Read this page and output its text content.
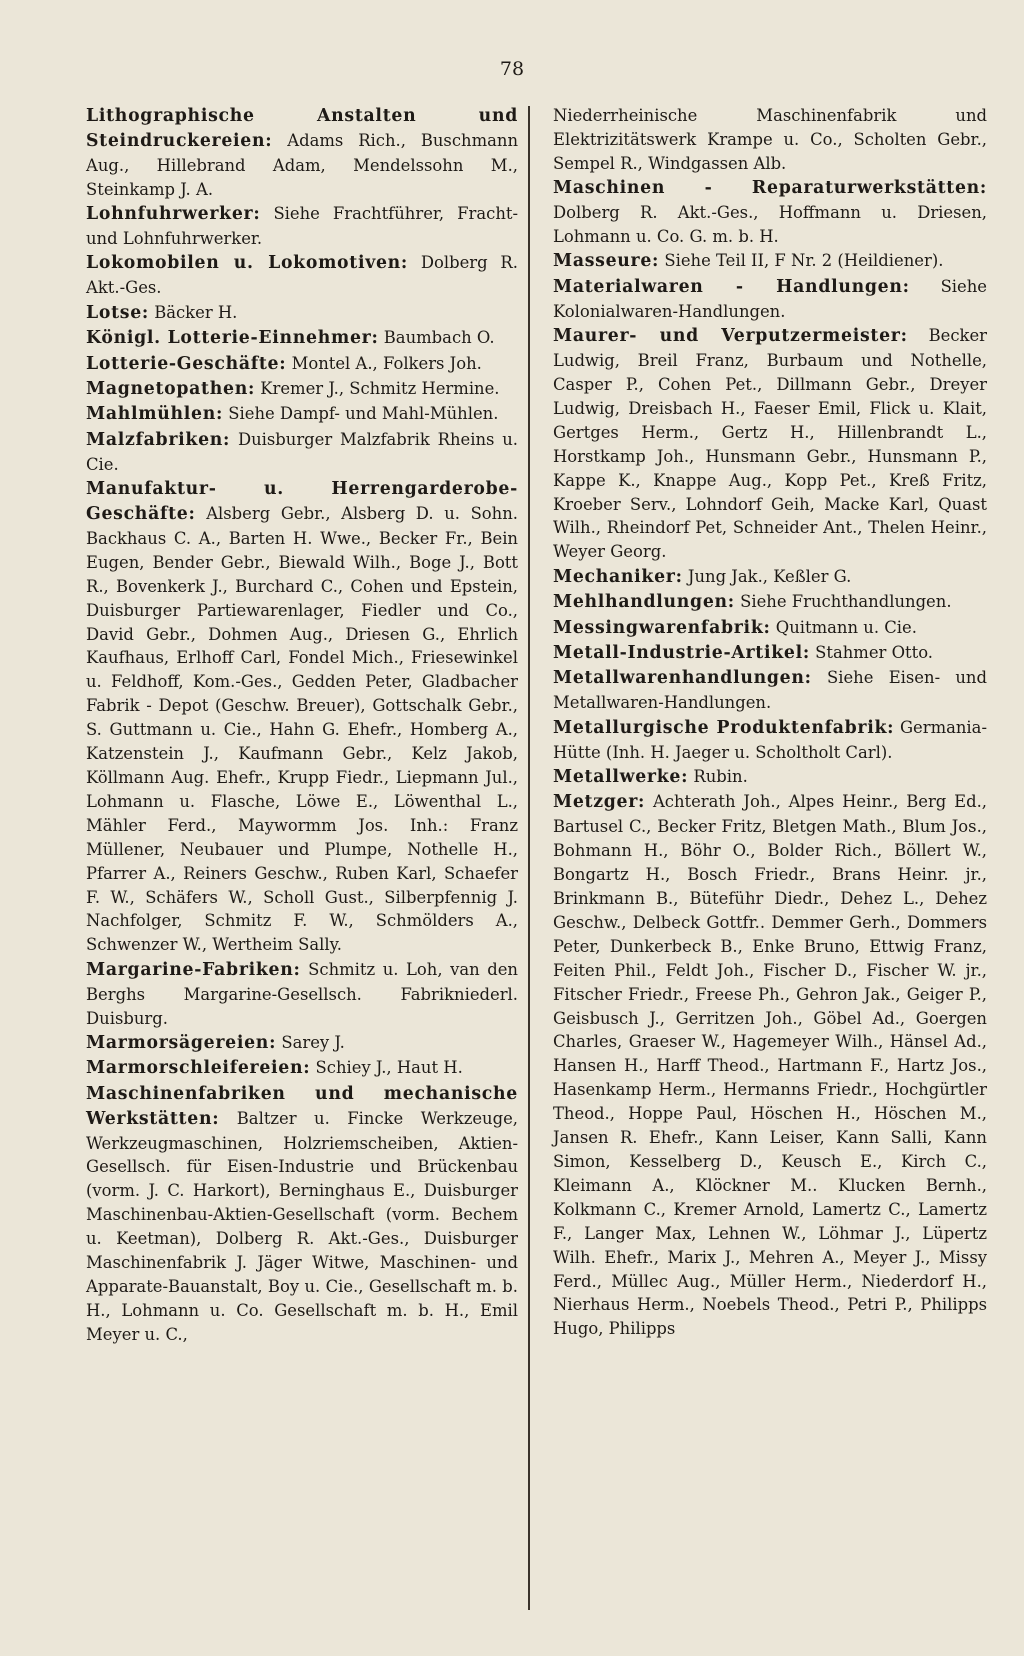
78

Lithographische Anstalten und Steindruckereien: Adams Rich., Buschmann Aug., Hillebrand Adam, Mendelssohn M., Steinkamp J. A.

Lohnfuhrwerker: Siehe Frachtführer, Fracht- und Lohnfuhrwerker.

Lokomobilen u. Lokomotiven: Dolberg R. Akt.-Ges.

Lotse: Bäcker H.

Königl. Lotterie-Einnehmer: Baumbach O.

Lotterie-Geschäfte: Montel A., Folkers Joh.

Magnetopathen: Kremer J., Schmitz Hermine.

Mahlmühlen: Siehe Dampf- und Mahl-Mühlen.

Malzfabriken: Duisburger Malzfabrik Rheins u. Cie.

Manufaktur- u. Herrengarderobe-Geschäfte: Alsberg Gebr., Alsberg D. u. Sohn. Backhaus C. A., Barten H. Wwe., Becker Fr., Bein Eugen, Bender Gebr., Biewald Wilh., Boge J., Bott R., Bovenkerk J., Burchard C., Cohen und Epstein, Duisburger Partiewarenlager, Fiedler und Co., David Gebr., Dohmen Aug., Driesen G., Ehrlich Kaufhaus, Erlhoff Carl, Fondel Mich., Friesewinkel u. Feldhoff, Kom.-Ges., Gedden Peter, Gladbacher Fabrik - Depot (Geschw. Breuer), Gottschalk Gebr., S. Guttmann u. Cie., Hahn G. Ehefr., Homberg A., Katzenstein J., Kaufmann Gebr., Kelz Jakob, Köllmann Aug. Ehefr., Krupp Fiedr., Liepmann Jul., Lohmann u. Flasche, Löwe E., Löwenthal L., Mähler Ferd., Maywormm Jos. Inh.: Franz Müllener, Neubauer und Plumpe, Nothelle H., Pfarrer A., Reiners Geschw., Ruben Karl, Schaefer F. W., Schäfers W., Scholl Gust., Silberpfennig J. Nachfolger, Schmitz F. W., Schmölders A., Schwenzer W., Wertheim Sally.

Margarine-Fabriken: Schmitz u. Loh, van den Berghs Margarine-Gesellsch. Fabrikniederl. Duisburg.

Marmorsägereien: Sarey J.

Marmorschleifereien: Schiey J., Haut H.

Maschinenfabriken und mechanische Werkstätten: Baltzer u. Fincke Werkzeuge, Werkzeugmaschinen, Holzriemscheiben, Aktien-Gesellsch. für Eisen-Industrie und Brückenbau (vorm. J. C. Harkort), Berninghaus E., Duisburger Maschinenbau-Aktien-Gesellschaft (vorm. Bechem u. Keetman), Dolberg R. Akt.-Ges., Duisburger Maschinenfabrik J. Jäger Witwe, Maschinen- und Apparate-Bauanstalt, Boy u. Cie., Gesellschaft m. b. H., Lohmann u. Co. Gesellschaft m. b. H., Emil Meyer u. C.,

Niederrheinische Maschinenfabrik und Elektrizitätswerk Krampe u. Co., Scholten Gebr., Sempel R., Windgassen Alb.

Maschinen - Reparaturwerkstätten: Dolberg R. Akt.-Ges., Hoffmann u. Driesen, Lohmann u. Co. G. m. b. H.

Masseure: Siehe Teil II, F Nr. 2 (Heildiener).

Materialwaren - Handlungen: Siehe Kolonialwaren-Handlungen.

Maurer- und Verputzermeister: Becker Ludwig, Breil Franz, Burbaum und Nothelle, Casper P., Cohen Pet., Dillmann Gebr., Dreyer Ludwig, Dreisbach H., Faeser Emil, Flick u. Klait, Gertges Herm., Gertz H., Hillenbrandt L., Horstkamp Joh., Hunsmann Gebr., Hunsmann P., Kappe K., Knappe Aug., Kopp Pet., Kreß Fritz, Kroeber Serv., Lohndorf Geih, Macke Karl, Quast Wilh., Rheindorf Pet, Schneider Ant., Thelen Heinr., Weyer Georg.

Mechaniker: Jung Jak., Keßler G.

Mehlhandlungen: Siehe Fruchthandlungen.

Messingwarenfabrik: Quitmann u. Cie.

Metall-Industrie-Artikel: Stahmer Otto.

Metallwarenhandlungen: Siehe Eisen- und Metallwaren-Handlungen.

Metallurgische Produktenfabrik: Germania-Hütte (Inh. H. Jaeger u. Scholtholt Carl).

Metallwerke: Rubin.

Metzger: Achterath Joh., Alpes Heinr., Berg Ed., Bartusel C., Becker Fritz, Bletgen Math., Blum Jos., Bohmann H., Böhr O., Bolder Rich., Böllert W., Bongartz H., Bosch Friedr., Brans Heinr. jr., Brinkmann B., Büteführ Diedr., Dehez L., Dehez Geschw., Delbeck Gottfr.. Demmer Gerh., Dommers Peter, Dunkerbeck B., Enke Bruno, Ettwig Franz, Feiten Phil., Feldt Joh., Fischer D., Fischer W. jr., Fitscher Friedr., Freese Ph., Gehron Jak., Geiger P., Geisbusch J., Gerritzen Joh., Göbel Ad., Goergen Charles, Graeser W., Hagemeyer Wilh., Hänsel Ad., Hansen H., Harff Theod., Hartmann F., Hartz Jos., Hasenkamp Herm., Hermanns Friedr., Hochgürtler Theod., Hoppe Paul, Höschen H., Höschen M., Jansen R. Ehefr., Kann Leiser, Kann Salli, Kann Simon, Kesselberg D., Keusch E., Kirch C., Kleimann A., Klöckner M.. Klucken Bernh., Kolkmann C., Kremer Arnold, Lamertz C., Lamertz F., Langer Max, Lehnen W., Löhmar J., Lüpertz Wilh. Ehefr., Marix J., Mehren A., Meyer J., Missy Ferd., Müllec Aug., Müller Herm., Niederdorf H., Nierhaus Herm., Noebels Theod., Petri P., Philipps Hugo, Philipps
